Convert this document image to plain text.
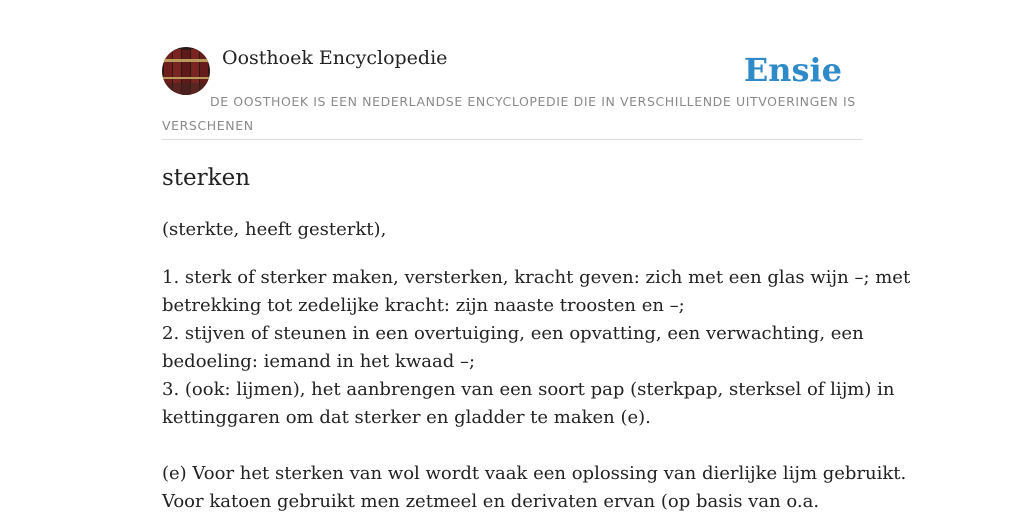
Oosthoek Encyclopedie	Ensie
DE OOSTHOEK IS EEN NEDERLANDSE ENCYCLOPEDIE DIE IN VERSCHILLENDE UITVOERINGEN IS VERSCHENEN
sterken

(sterkte, heeft gesterkt),

1. sterk of sterker maken, versterken, kracht geven: zich met een glas wijn –; met
betrekking tot zedelijke kracht: zijn naaste troosten en –;
2. stijven of steunen in een overtuiging, een opvatting, een verwachting, een
bedoeling: iemand in het kwaad –;
3. (ook: lijmen), het aanbrengen van een soort pap (sterkpap, sterksel of lijm) in
kettinggaren om dat sterker en gladder te maken (e).

(e) Voor het sterken van wol wordt vaak een oplossing van dierlijke lijm gebruikt.
Voor katoen gebruikt men zetmeel en derivaten ervan (op basis van o.a.
